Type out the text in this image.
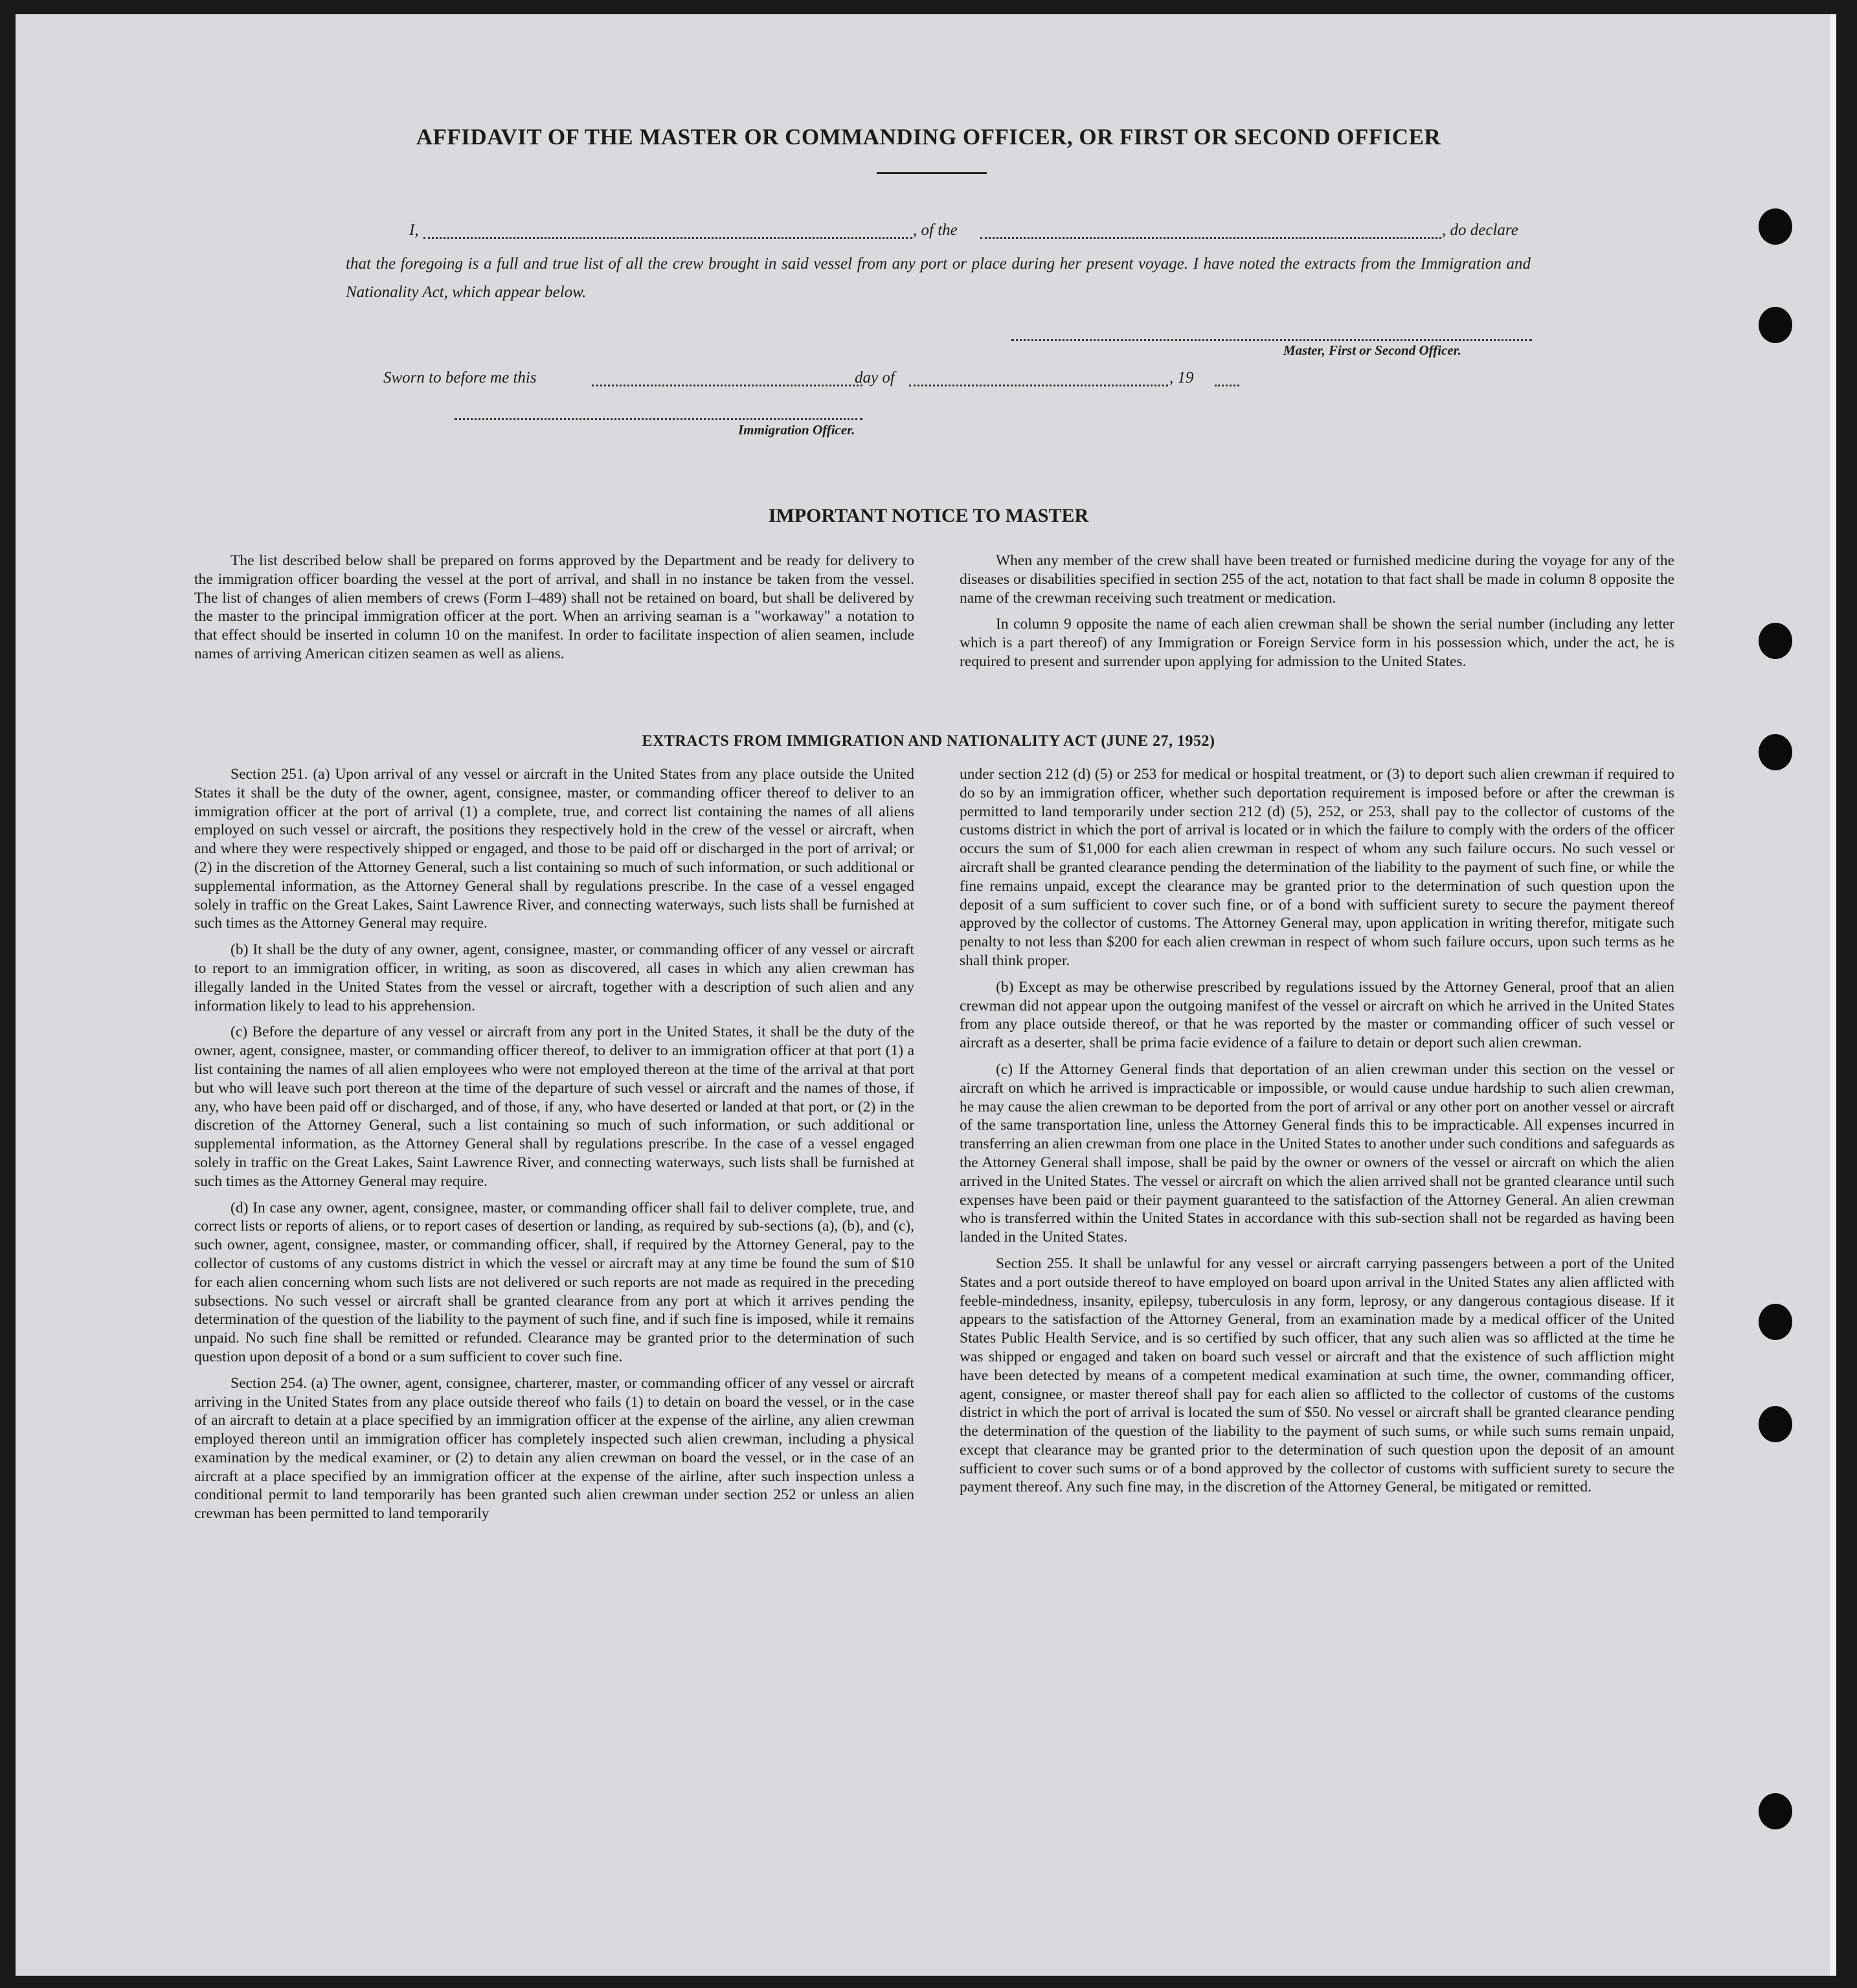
AFFIDAVIT OF THE MASTER OR COMMANDING OFFICER, OR FIRST OR SECOND OFFICER
I,	, of the	, do declare
that the foregoing is a full and true list of all the crew brought in said vessel from any port or place during her present voyage. I have noted the extracts from the Immigration and Nationality Act, which appear below.
Master, First or Second Officer.
Sworn to before me this	day of	, 19
Immigration Officer.
IMPORTANT NOTICE TO MASTER

The list described below shall be prepared on forms approved by the Department and be ready for delivery to the immigration officer boarding the vessel at the port of arrival, and shall in no instance be taken from the vessel. The list of changes of alien members of crews (Form I–489) shall not be retained on board, but shall be delivered by the master to the principal immigration officer at the port. When an arriving seaman is a "workaway" a notation to that effect should be inserted in column 10 on the manifest. In order to facilitate inspection of alien seamen, include names of arriving American citizen seamen as well as aliens.

When any member of the crew shall have been treated or furnished medicine during the voyage for any of the diseases or disabilities specified in section 255 of the act, notation to that fact shall be made in column 8 opposite the name of the crewman receiving such treatment or medication.

In column 9 opposite the name of each alien crewman shall be shown the serial number (including any letter which is a part thereof) of any Immigration or Foreign Service form in his possession which, under the act, he is required to present and surrender upon applying for admission to the United States.

EXTRACTS FROM IMMIGRATION AND NATIONALITY ACT (JUNE 27, 1952)

Section 251. (a) Upon arrival of any vessel or aircraft in the United States from any place outside the United States it shall be the duty of the owner, agent, consignee, master, or commanding officer thereof to deliver to an immigration officer at the port of arrival (1) a complete, true, and correct list containing the names of all aliens employed on such vessel or aircraft, the positions they respectively hold in the crew of the vessel or aircraft, when and where they were respectively shipped or engaged, and those to be paid off or discharged in the port of arrival; or (2) in the discretion of the Attorney General, such a list containing so much of such information, or such additional or supplemental information, as the Attorney General shall by regulations prescribe. In the case of a vessel engaged solely in traffic on the Great Lakes, Saint Lawrence River, and connecting waterways, such lists shall be furnished at such times as the Attorney General may require.

(b) It shall be the duty of any owner, agent, consignee, master, or commanding officer of any vessel or aircraft to report to an immigration officer, in writing, as soon as discovered, all cases in which any alien crewman has illegally landed in the United States from the vessel or aircraft, together with a description of such alien and any information likely to lead to his apprehension.

(c) Before the departure of any vessel or aircraft from any port in the United States, it shall be the duty of the owner, agent, consignee, master, or commanding officer thereof, to deliver to an immigration officer at that port (1) a list containing the names of all alien employees who were not employed thereon at the time of the arrival at that port but who will leave such port thereon at the time of the departure of such vessel or aircraft and the names of those, if any, who have been paid off or discharged, and of those, if any, who have deserted or landed at that port, or (2) in the discretion of the Attorney General, such a list containing so much of such information, or such additional or supplemental information, as the Attorney General shall by regulations prescribe. In the case of a vessel engaged solely in traffic on the Great Lakes, Saint Lawrence River, and connecting waterways, such lists shall be furnished at such times as the Attorney General may require.

(d) In case any owner, agent, consignee, master, or commanding officer shall fail to deliver complete, true, and correct lists or reports of aliens, or to report cases of desertion or landing, as required by sub-sections (a), (b), and (c), such owner, agent, consignee, master, or commanding officer, shall, if required by the Attorney General, pay to the collector of customs of any customs district in which the vessel or aircraft may at any time be found the sum of $10 for each alien concerning whom such lists are not delivered or such reports are not made as required in the preceding subsections. No such vessel or aircraft shall be granted clearance from any port at which it arrives pending the determination of the question of the liability to the payment of such fine, and if such fine is imposed, while it remains unpaid. No such fine shall be remitted or refunded. Clearance may be granted prior to the determination of such question upon deposit of a bond or a sum sufficient to cover such fine.

Section 254. (a) The owner, agent, consignee, charterer, master, or commanding officer of any vessel or aircraft arriving in the United States from any place outside thereof who fails (1) to detain on board the vessel, or in the case of an aircraft to detain at a place specified by an immigration officer at the expense of the airline, any alien crewman employed thereon until an immigration officer has completely inspected such alien crewman, including a physical examination by the medical examiner, or (2) to detain any alien crewman on board the vessel, or in the case of an aircraft at a place specified by an immigration officer at the expense of the airline, after such inspection unless a conditional permit to land temporarily has been granted such alien crewman under section 252 or unless an alien crewman has been permitted to land temporarily

under section 212 (d) (5) or 253 for medical or hospital treatment, or (3) to deport such alien crewman if required to do so by an immigration officer, whether such deportation requirement is imposed before or after the crewman is permitted to land temporarily under section 212 (d) (5), 252, or 253, shall pay to the collector of customs of the customs district in which the port of arrival is located or in which the failure to comply with the orders of the officer occurs the sum of $1,000 for each alien crewman in respect of whom any such failure occurs. No such vessel or aircraft shall be granted clearance pending the determination of the liability to the payment of such fine, or while the fine remains unpaid, except the clearance may be granted prior to the determination of such question upon the deposit of a sum sufficient to cover such fine, or of a bond with sufficient surety to secure the payment thereof approved by the collector of customs. The Attorney General may, upon application in writing therefor, mitigate such penalty to not less than $200 for each alien crewman in respect of whom such failure occurs, upon such terms as he shall think proper.

(b) Except as may be otherwise prescribed by regulations issued by the Attorney General, proof that an alien crewman did not appear upon the outgoing manifest of the vessel or aircraft on which he arrived in the United States from any place outside thereof, or that he was reported by the master or commanding officer of such vessel or aircraft as a deserter, shall be prima facie evidence of a failure to detain or deport such alien crewman.

(c) If the Attorney General finds that deportation of an alien crewman under this section on the vessel or aircraft on which he arrived is impracticable or impossible, or would cause undue hardship to such alien crewman, he may cause the alien crewman to be deported from the port of arrival or any other port on another vessel or aircraft of the same transportation line, unless the Attorney General finds this to be impracticable. All expenses incurred in transferring an alien crewman from one place in the United States to another under such conditions and safeguards as the Attorney General shall impose, shall be paid by the owner or owners of the vessel or aircraft on which the alien arrived in the United States. The vessel or aircraft on which the alien arrived shall not be granted clearance until such expenses have been paid or their payment guaranteed to the satisfaction of the Attorney General. An alien crewman who is transferred within the United States in accordance with this sub-section shall not be regarded as having been landed in the United States.

Section 255. It shall be unlawful for any vessel or aircraft carrying passengers between a port of the United States and a port outside thereof to have employed on board upon arrival in the United States any alien afflicted with feeble-mindedness, insanity, epilepsy, tuberculosis in any form, leprosy, or any dangerous contagious disease. If it appears to the satisfaction of the Attorney General, from an examination made by a medical officer of the United States Public Health Service, and is so certified by such officer, that any such alien was so afflicted at the time he was shipped or engaged and taken on board such vessel or aircraft and that the existence of such affliction might have been detected by means of a competent medical examination at such time, the owner, commanding officer, agent, consignee, or master thereof shall pay for each alien so afflicted to the collector of customs of the customs district in which the port of arrival is located the sum of $50. No vessel or aircraft shall be granted clearance pending the determination of the question of the liability to the payment of such sums, or while such sums remain unpaid, except that clearance may be granted prior to the determination of such question upon the deposit of an amount sufficient to cover such sums or of a bond approved by the collector of customs with sufficient surety to secure the payment thereof. Any such fine may, in the discretion of the Attorney General, be mitigated or remitted.
